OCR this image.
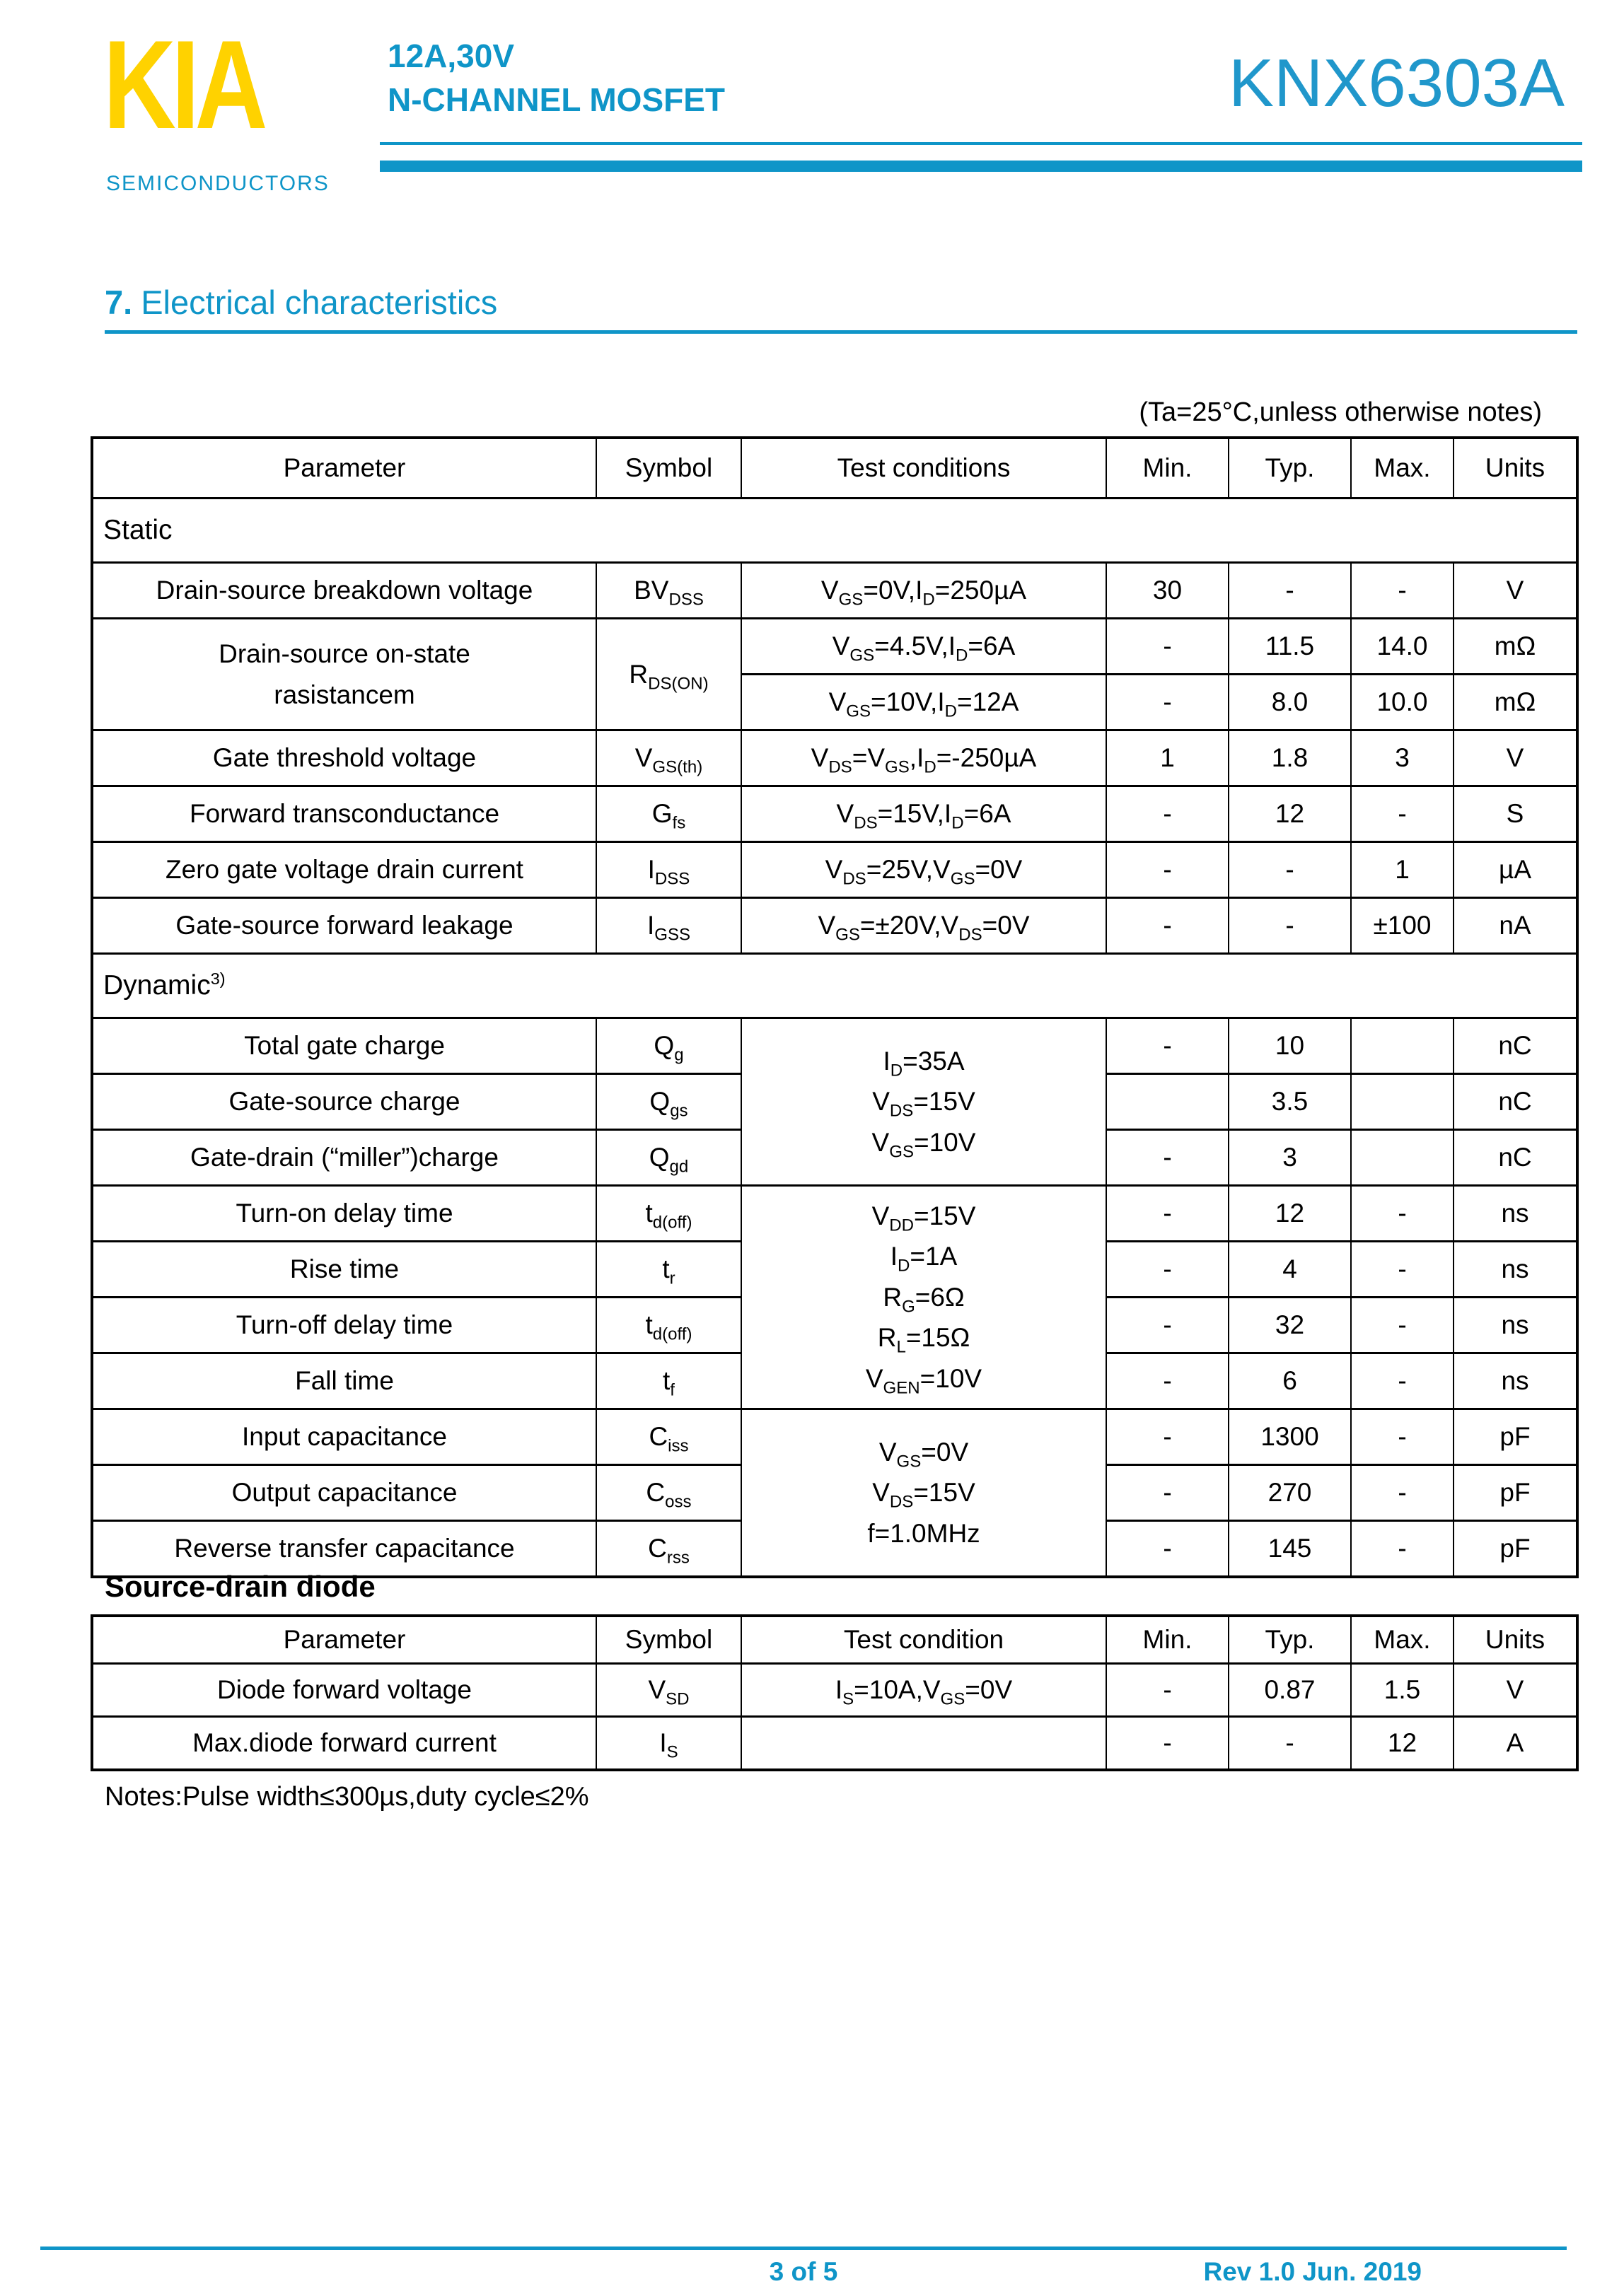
KIA
SEMICONDUCTORS
12A,30V
N-CHANNEL MOSFET	KNX6303A
7. Electrical characteristics
(Ta=25°C,unless otherwise notes)
Parameter	Symbol	Test conditions	Min.	Typ.	Max.	Units
Static						
Drain-source breakdown voltage	$BV_{DSS}$	$V_{GS}=0V,I_D=250\mu A$	30	-	-	V
Drain-source on-state
rasistancem	$R_{DS(ON)}$	$V_{GS}=4.5V,I_D=6A$	-	11.5	14.0	mΩ
		$V_{GS}=10V,I_D=12A$	-	8.0	10.0	mΩ
Gate threshold voltage	$V_{GS(th)}$	$V_{DS}=V_{GS},I_D=-250\mu A$	1	1.8	3	V
Forward transconductance	$G_{fs}$	$V_{DS}=15V,I_D=6A$	-	12	-	S
Zero gate voltage drain current	$I_{DSS}$	$V_{DS}=25V,V_{GS}=0V$	-	-	1	µA
Gate-source forward leakage	$I_{GSS}$	$V_{GS}=\pm 20V,V_{DS}=0V$	-	-	±100	nA
Dynamic$^{3)}$
Total gate charge	$Q_g$	$I_D=35A$
$V_{DS}=15V$
$V_{GS}=10V$	-	10		nC
Gate-source charge	$Q_{gs}$			3.5		nC
Gate-drain (“miller”)charge	$Q_{gd}$		-	3		nC
Turn-on delay time	$t_{d(off)}$	$V_{DD}=15V$
$I_D=1A$
$R_G=6\Omega$
$R_L=15\Omega$
$V_{GEN}=10V$	-	12	-	ns
Rise time	$t_r$		-	4	-	ns
Turn-off delay time	$t_{d(off)}$		-	32	-	ns
Fall time	$t_f$		-	6	-	ns
Input capacitance	$C_{iss}$	$V_{GS}=0V$
$V_{DS}=15V$
f=1.0MHz	-	1300	-	pF
Output capacitance	$C_{oss}$		-	270	-	pF
Reverse transfer capacitance	$C_{rss}$		-	145	-	pF
Source-drain diode
Parameter	Symbol	Test condition	Min.	Typ.	Max.	Units
Diode forward voltage	$V_{SD}$	$I_S=10A,V_{GS}=0V$	-	0.87	1.5	V
Max.diode forward current	$I_S$		-	-	12	A
Notes:Pulse width≤300µs,duty cycle≤2%
3 of 5	Rev 1.0 Jun. 2019
